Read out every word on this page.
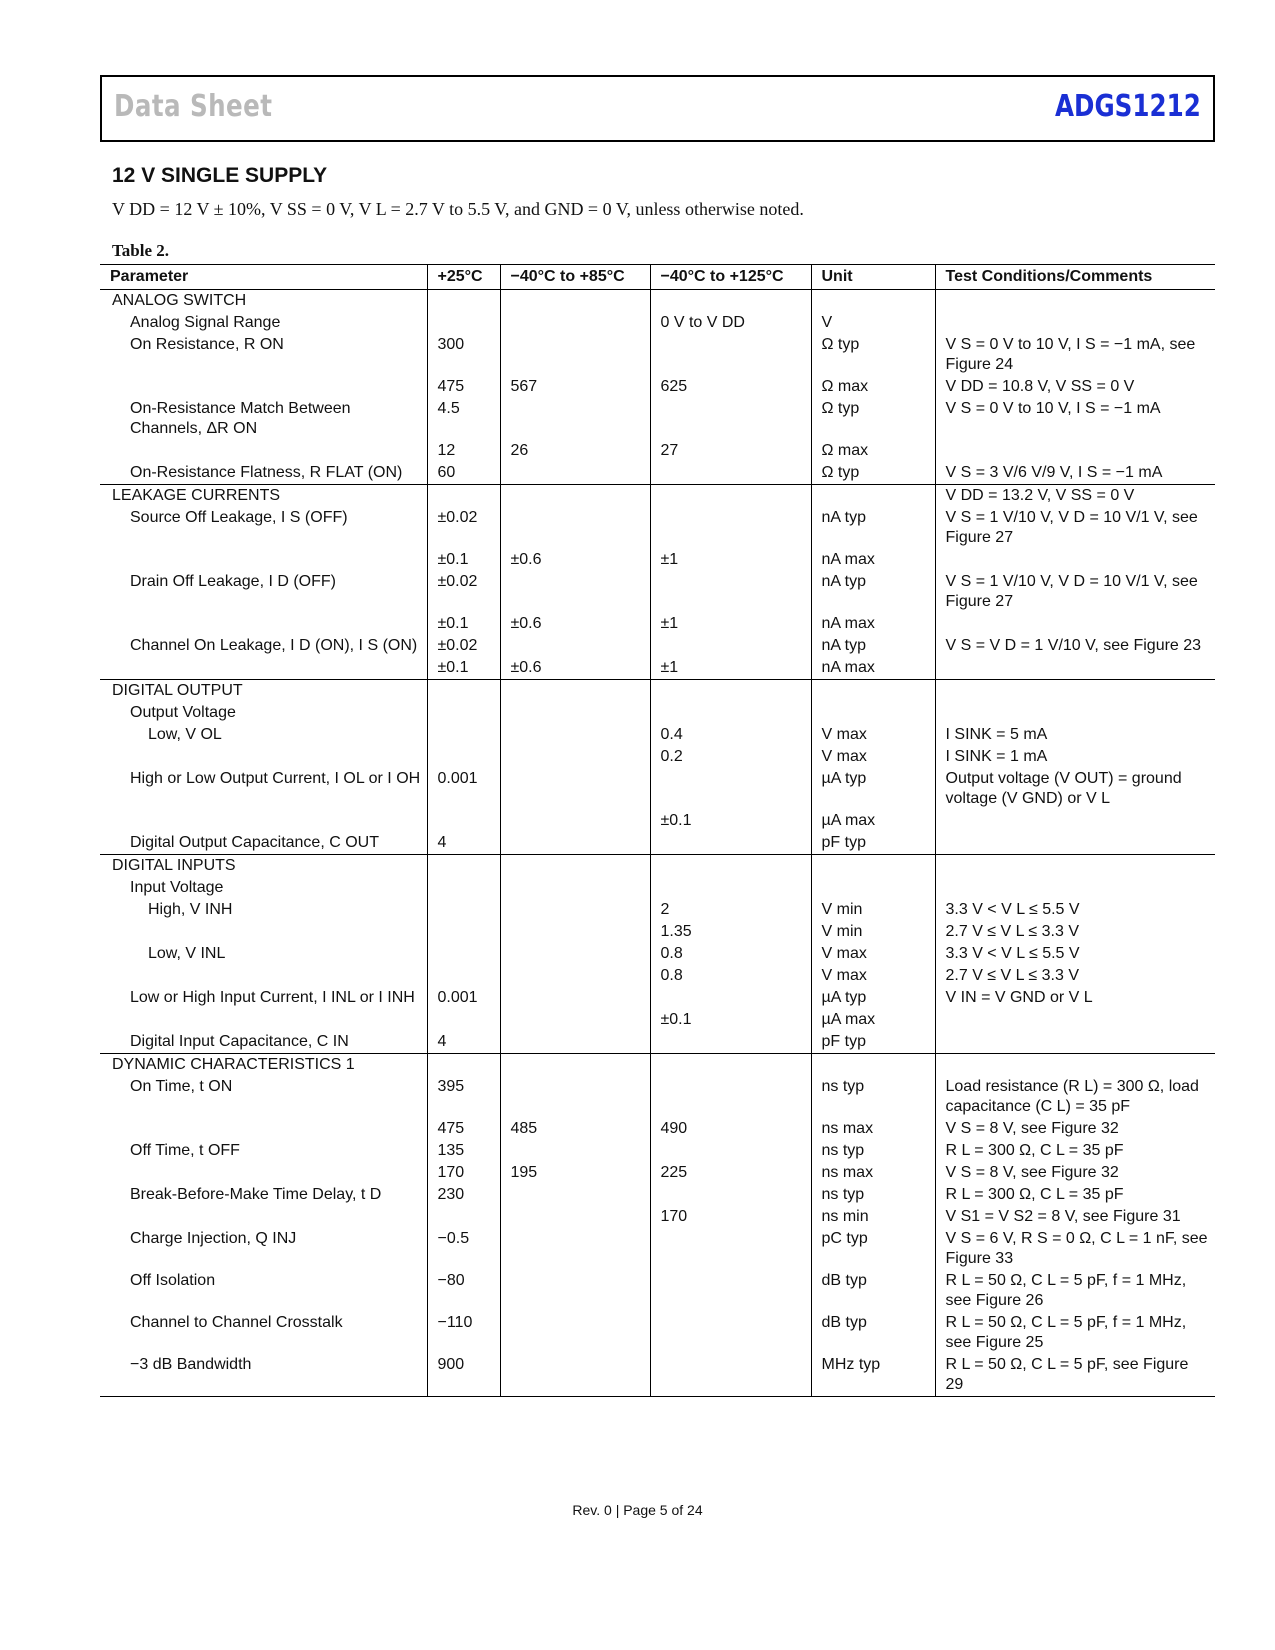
Data Sheet	ADGS1212
12 V SINGLE SUPPLY
V DD = 12 V ± 10%, V SS = 0 V, V L = 2.7 V to 5.5 V, and GND = 0 V, unless otherwise noted.
Table 2.
Parameter	+25°C	−40°C to +85°C	−40°C to +125°C	Unit	Test Conditions/Comments
ANALOG SWITCH					
Analog Signal Range			0 V to V DD	V	
On Resistance, R ON	300			Ω typ	V S = 0 V to 10 V, I S = −1 mA, see Figure 24
	475	567	625	Ω max	V DD = 10.8 V, V SS = 0 V
On-Resistance Match Between Channels, ΔR ON	4.5			Ω typ	V S = 0 V to 10 V, I S = −1 mA
	12	26	27	Ω max	
On-Resistance Flatness, R FLAT (ON)	60			Ω typ	V S = 3 V/6 V/9 V, I S = −1 mA
LEAKAGE CURRENTS					V DD = 13.2 V, V SS = 0 V
Source Off Leakage, I S (OFF)	±0.02			nA typ	V S = 1 V/10 V, V D = 10 V/1 V, see Figure 27
	±0.1	±0.6	±1	nA max	
Drain Off Leakage, I D (OFF)	±0.02			nA typ	V S = 1 V/10 V, V D = 10 V/1 V, see Figure 27
	±0.1	±0.6	±1	nA max	
Channel On Leakage, I D (ON), I S (ON)	±0.02			nA typ	V S = V D = 1 V/10 V, see Figure 23
	±0.1	±0.6	±1	nA max	
DIGITAL OUTPUT					
Output Voltage					
Low, V OL			0.4	V max	I SINK = 5 mA
			0.2	V max	I SINK = 1 mA
High or Low Output Current, I OL or I OH	0.001			µA typ	Output voltage (V OUT) = ground voltage (V GND) or V L
			±0.1	µA max	
Digital Output Capacitance, C OUT	4			pF typ	
DIGITAL INPUTS					
Input Voltage					
High, V INH			2	V min	3.3 V < V L ≤ 5.5 V
			1.35	V min	2.7 V ≤ V L ≤ 3.3 V
Low, V INL			0.8	V max	3.3 V < V L ≤ 5.5 V
			0.8	V max	2.7 V ≤ V L ≤ 3.3 V
Low or High Input Current, I INL or I INH	0.001			µA typ	V IN = V GND or V L
			±0.1	µA max	
Digital Input Capacitance, C IN	4			pF typ	
DYNAMIC CHARACTERISTICS 1					
On Time, t ON	395			ns typ	Load resistance (R L) = 300 Ω, load capacitance (C L) = 35 pF
	475	485	490	ns max	V S = 8 V, see Figure 32
Off Time, t OFF	135			ns typ	R L = 300 Ω, C L = 35 pF
	170	195	225	ns max	V S = 8 V, see Figure 32
Break-Before-Make Time Delay, t D	230			ns typ	R L = 300 Ω, C L = 35 pF
			170	ns min	V S1 = V S2 = 8 V, see Figure 31
Charge Injection, Q INJ	−0.5			pC typ	V S = 6 V, R S = 0 Ω, C L = 1 nF, see Figure 33
Off Isolation	−80			dB typ	R L = 50 Ω, C L = 5 pF, f = 1 MHz, see Figure 26
Channel to Channel Crosstalk	−110			dB typ	R L = 50 Ω, C L = 5 pF, f = 1 MHz, see Figure 25
−3 dB Bandwidth	900			MHz typ	R L = 50 Ω, C L = 5 pF, see Figure 29
Rev. 0 | Page 5 of 24
